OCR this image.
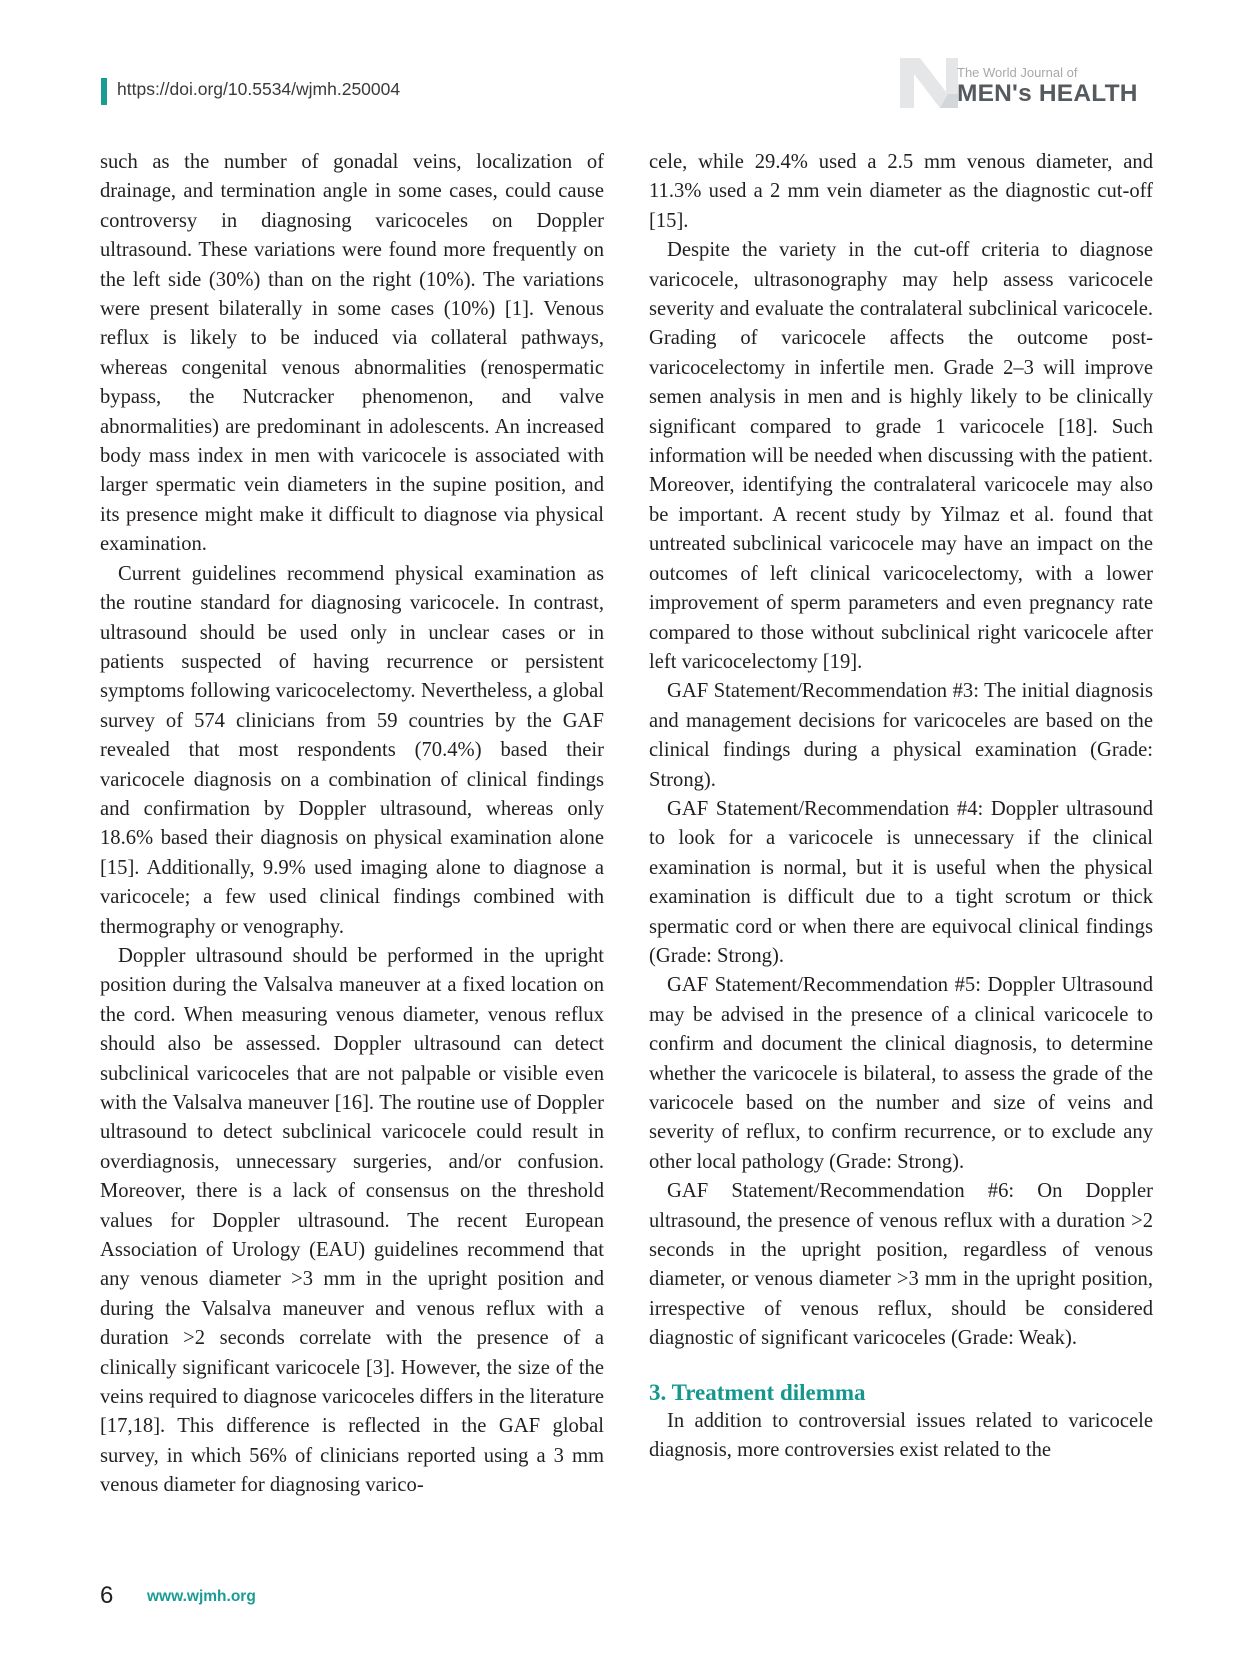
https://doi.org/10.5534/wjmh.250004
The World Journal of
MEN's HEALTH

such as the number of gonadal veins, localization of drainage, and termination angle in some cases, could cause controversy in diagnosing varicoceles on Doppler ultrasound. These variations were found more frequently on the left side (30%) than on the right (10%). The variations were present bilaterally in some cases (10%) [1]. Venous reflux is likely to be induced via collateral pathways, whereas congenital venous abnormalities (renospermatic bypass, the Nutcracker phenomenon, and valve abnormalities) are predominant in adolescents. An increased body mass index in men with varicocele is associated with larger spermatic vein diameters in the supine position, and its presence might make it difficult to diagnose via physical examination.

Current guidelines recommend physical examination as the routine standard for diagnosing varicocele. In contrast, ultrasound should be used only in unclear cases or in patients suspected of having recurrence or persistent symptoms following varicocelectomy. Nevertheless, a global survey of 574 clinicians from 59 countries by the GAF revealed that most respondents (70.4%) based their varicocele diagnosis on a combination of clinical findings and confirmation by Doppler ultrasound, whereas only 18.6% based their diagnosis on physical examination alone [15]. Additionally, 9.9% used imaging alone to diagnose a varicocele; a few used clinical findings combined with thermography or venography.

Doppler ultrasound should be performed in the upright position during the Valsalva maneuver at a fixed location on the cord. When measuring venous diameter, venous reflux should also be assessed. Doppler ultrasound can detect subclinical varicoceles that are not palpable or visible even with the Valsalva maneuver [16]. The routine use of Doppler ultrasound to detect subclinical varicocele could result in overdiagnosis, unnecessary surgeries, and/or confusion. Moreover, there is a lack of consensus on the threshold values for Doppler ultrasound. The recent European Association of Urology (EAU) guidelines recommend that any venous diameter >3 mm in the upright position and during the Valsalva maneuver and venous reflux with a duration >2 seconds correlate with the presence of a clinically significant varicocele [3]. However, the size of the veins required to diagnose varicoceles differs in the literature [17,18]. This difference is reflected in the GAF global survey, in which 56% of clinicians reported using a 3 mm venous diameter for diagnosing varico-

cele, while 29.4% used a 2.5 mm venous diameter, and 11.3% used a 2 mm vein diameter as the diagnostic cut-off [15].

Despite the variety in the cut-off criteria to diagnose varicocele, ultrasonography may help assess varicocele severity and evaluate the contralateral subclinical varicocele. Grading of varicocele affects the outcome post-varicocelectomy in infertile men. Grade 2–3 will improve semen analysis in men and is highly likely to be clinically significant compared to grade 1 varicocele [18]. Such information will be needed when discussing with the patient. Moreover, identifying the contralateral varicocele may also be important. A recent study by Yilmaz et al. found that untreated subclinical varicocele may have an impact on the outcomes of left clinical varicocelectomy, with a lower improvement of sperm parameters and even pregnancy rate compared to those without subclinical right varicocele after left varicocelectomy [19].

GAF Statement/Recommendation #3: The initial diagnosis and management decisions for varicoceles are based on the clinical findings during a physical examination (Grade: Strong).

GAF Statement/Recommendation #4: Doppler ultrasound to look for a varicocele is unnecessary if the clinical examination is normal, but it is useful when the physical examination is difficult due to a tight scrotum or thick spermatic cord or when there are equivocal clinical findings (Grade: Strong).

GAF Statement/Recommendation #5: Doppler Ultrasound may be advised in the presence of a clinical varicocele to confirm and document the clinical diagnosis, to determine whether the varicocele is bilateral, to assess the grade of the varicocele based on the number and size of veins and severity of reflux, to confirm recurrence, or to exclude any other local pathology (Grade: Strong).

GAF Statement/Recommendation #6: On Doppler ultrasound, the presence of venous reflux with a duration >2 seconds in the upright position, regardless of venous diameter, or venous diameter >3 mm in the upright position, irrespective of venous reflux, should be considered diagnostic of significant varicoceles (Grade: Weak).

3. Treatment dilemma

In addition to controversial issues related to varicocele diagnosis, more controversies exist related to the

6 www.wjmh.org
